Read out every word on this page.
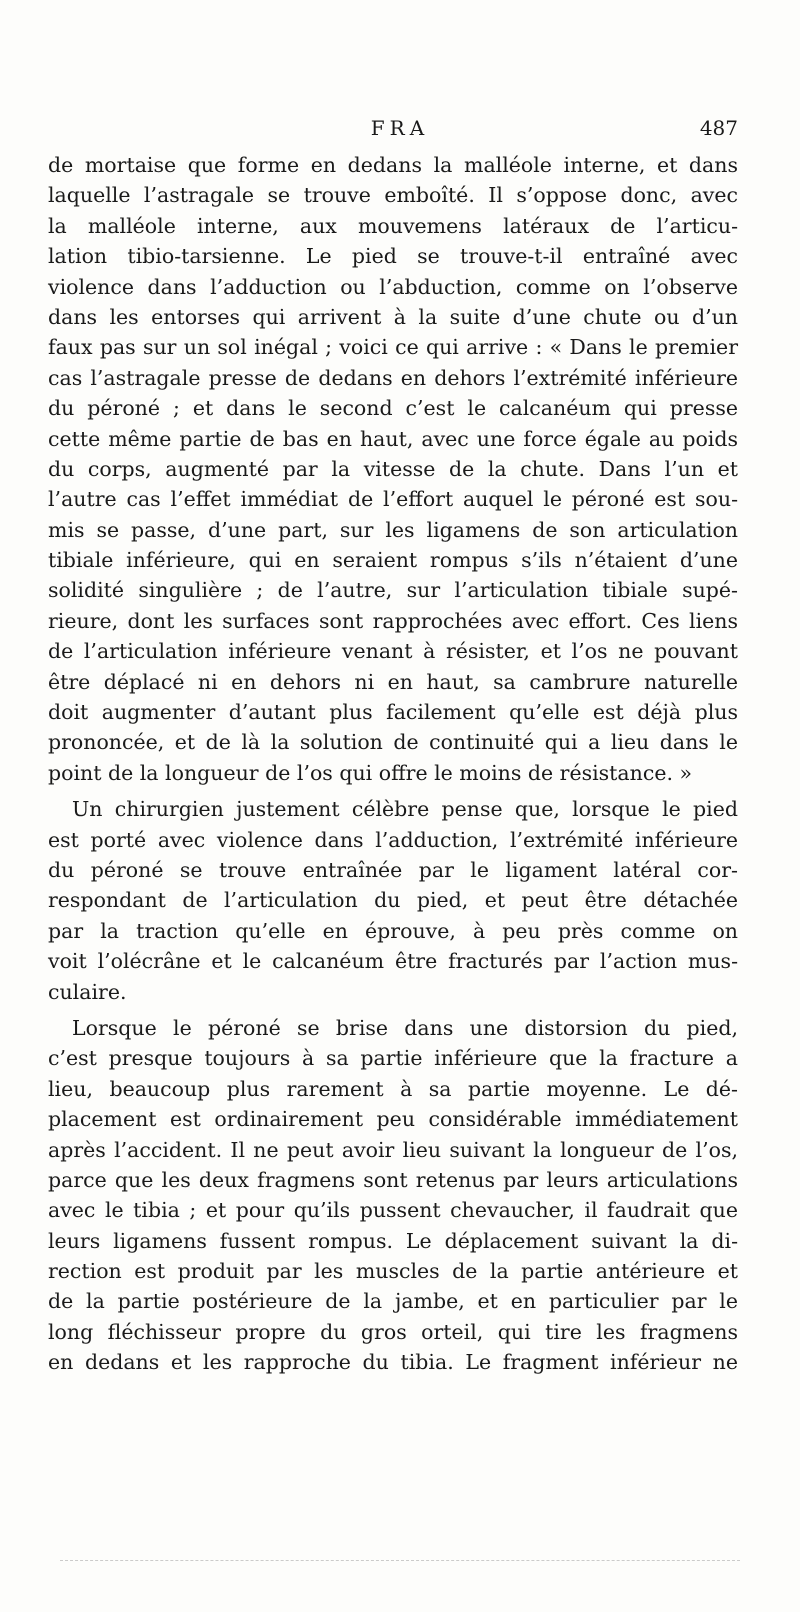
FRA	487
de mortaise que forme en dedans la malléole interne, et dans
laquelle l’astragale se trouve emboîté. Il s’oppose donc, avec
la malléole interne, aux mouvemens latéraux de l’articu-
lation tibio-tarsienne. Le pied se trouve-t-il entraîné avec
violence dans l’adduction ou l’abduction, comme on l’observe
dans les entorses qui arrivent à la suite d’une chute ou d’un
faux pas sur un sol inégal ; voici ce qui arrive : « Dans le premier
cas l’astragale presse de dedans en dehors l’extrémité inférieure
du péroné ; et dans le second c’est le calcanéum qui presse
cette même partie de bas en haut, avec une force égale au poids
du corps, augmenté par la vitesse de la chute. Dans l’un et
l’autre cas l’effet immédiat de l’effort auquel le péroné est sou-
mis se passe, d’une part, sur les ligamens de son articulation
tibiale inférieure, qui en seraient rompus s’ils n’étaient d’une
solidité singulière ; de l’autre, sur l’articulation tibiale supé-
rieure, dont les surfaces sont rapprochées avec effort. Ces liens
de l’articulation inférieure venant à résister, et l’os ne pouvant
être déplacé ni en dehors ni en haut, sa cambrure naturelle
doit augmenter d’autant plus facilement qu’elle est déjà plus
prononcée, et de là la solution de continuité qui a lieu dans le
point de la longueur de l’os qui offre le moins de résistance. »
Un chirurgien justement célèbre pense que, lorsque le pied
est porté avec violence dans l’adduction, l’extrémité inférieure
du péroné se trouve entraînée par le ligament latéral cor-
respondant de l’articulation du pied, et peut être détachée
par la traction qu’elle en éprouve, à peu près comme on
voit l’olécrâne et le calcanéum être fracturés par l’action mus-
culaire.
Lorsque le péroné se brise dans une distorsion du pied,
c’est presque toujours à sa partie inférieure que la fracture a
lieu, beaucoup plus rarement à sa partie moyenne. Le dé-
placement est ordinairement peu considérable immédiatement
après l’accident. Il ne peut avoir lieu suivant la longueur de l’os,
parce que les deux fragmens sont retenus par leurs articulations
avec le tibia ; et pour qu’ils pussent chevaucher, il faudrait que
leurs ligamens fussent rompus. Le déplacement suivant la di-
rection est produit par les muscles de la partie antérieure et
de la partie postérieure de la jambe, et en particulier par le
long fléchisseur propre du gros orteil, qui tire les fragmens
en dedans et les rapproche du tibia. Le fragment inférieur ne
